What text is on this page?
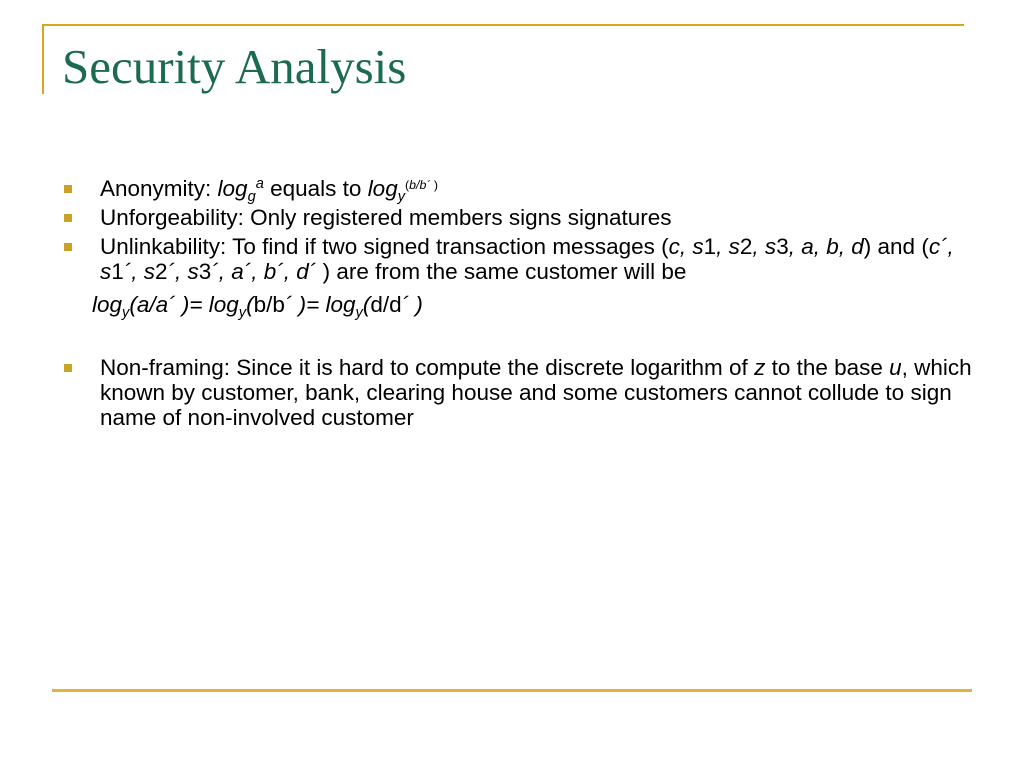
Security Analysis
Anonymity: $\log_g^a$ equals to $\log_y^{(b/b´ )}$
Unforgeability: Only registered members signs signatures
Unlinkability: To find if two signed transaction messages (c, s1, s2, s3, a, b, d) and (c´, s1´, s2´, s3´, a´, b´, d´ ) are from the same customer will be
$\log_y(a/a´$ )= $\log_y(b/b´$ )= $\log_y(d/d´$ )
Non-framing: Since it is hard to compute the discrete logarithm of z to the base u, which known by customer, bank, clearing house and some customers cannot collude to sign name of non-involved customer
